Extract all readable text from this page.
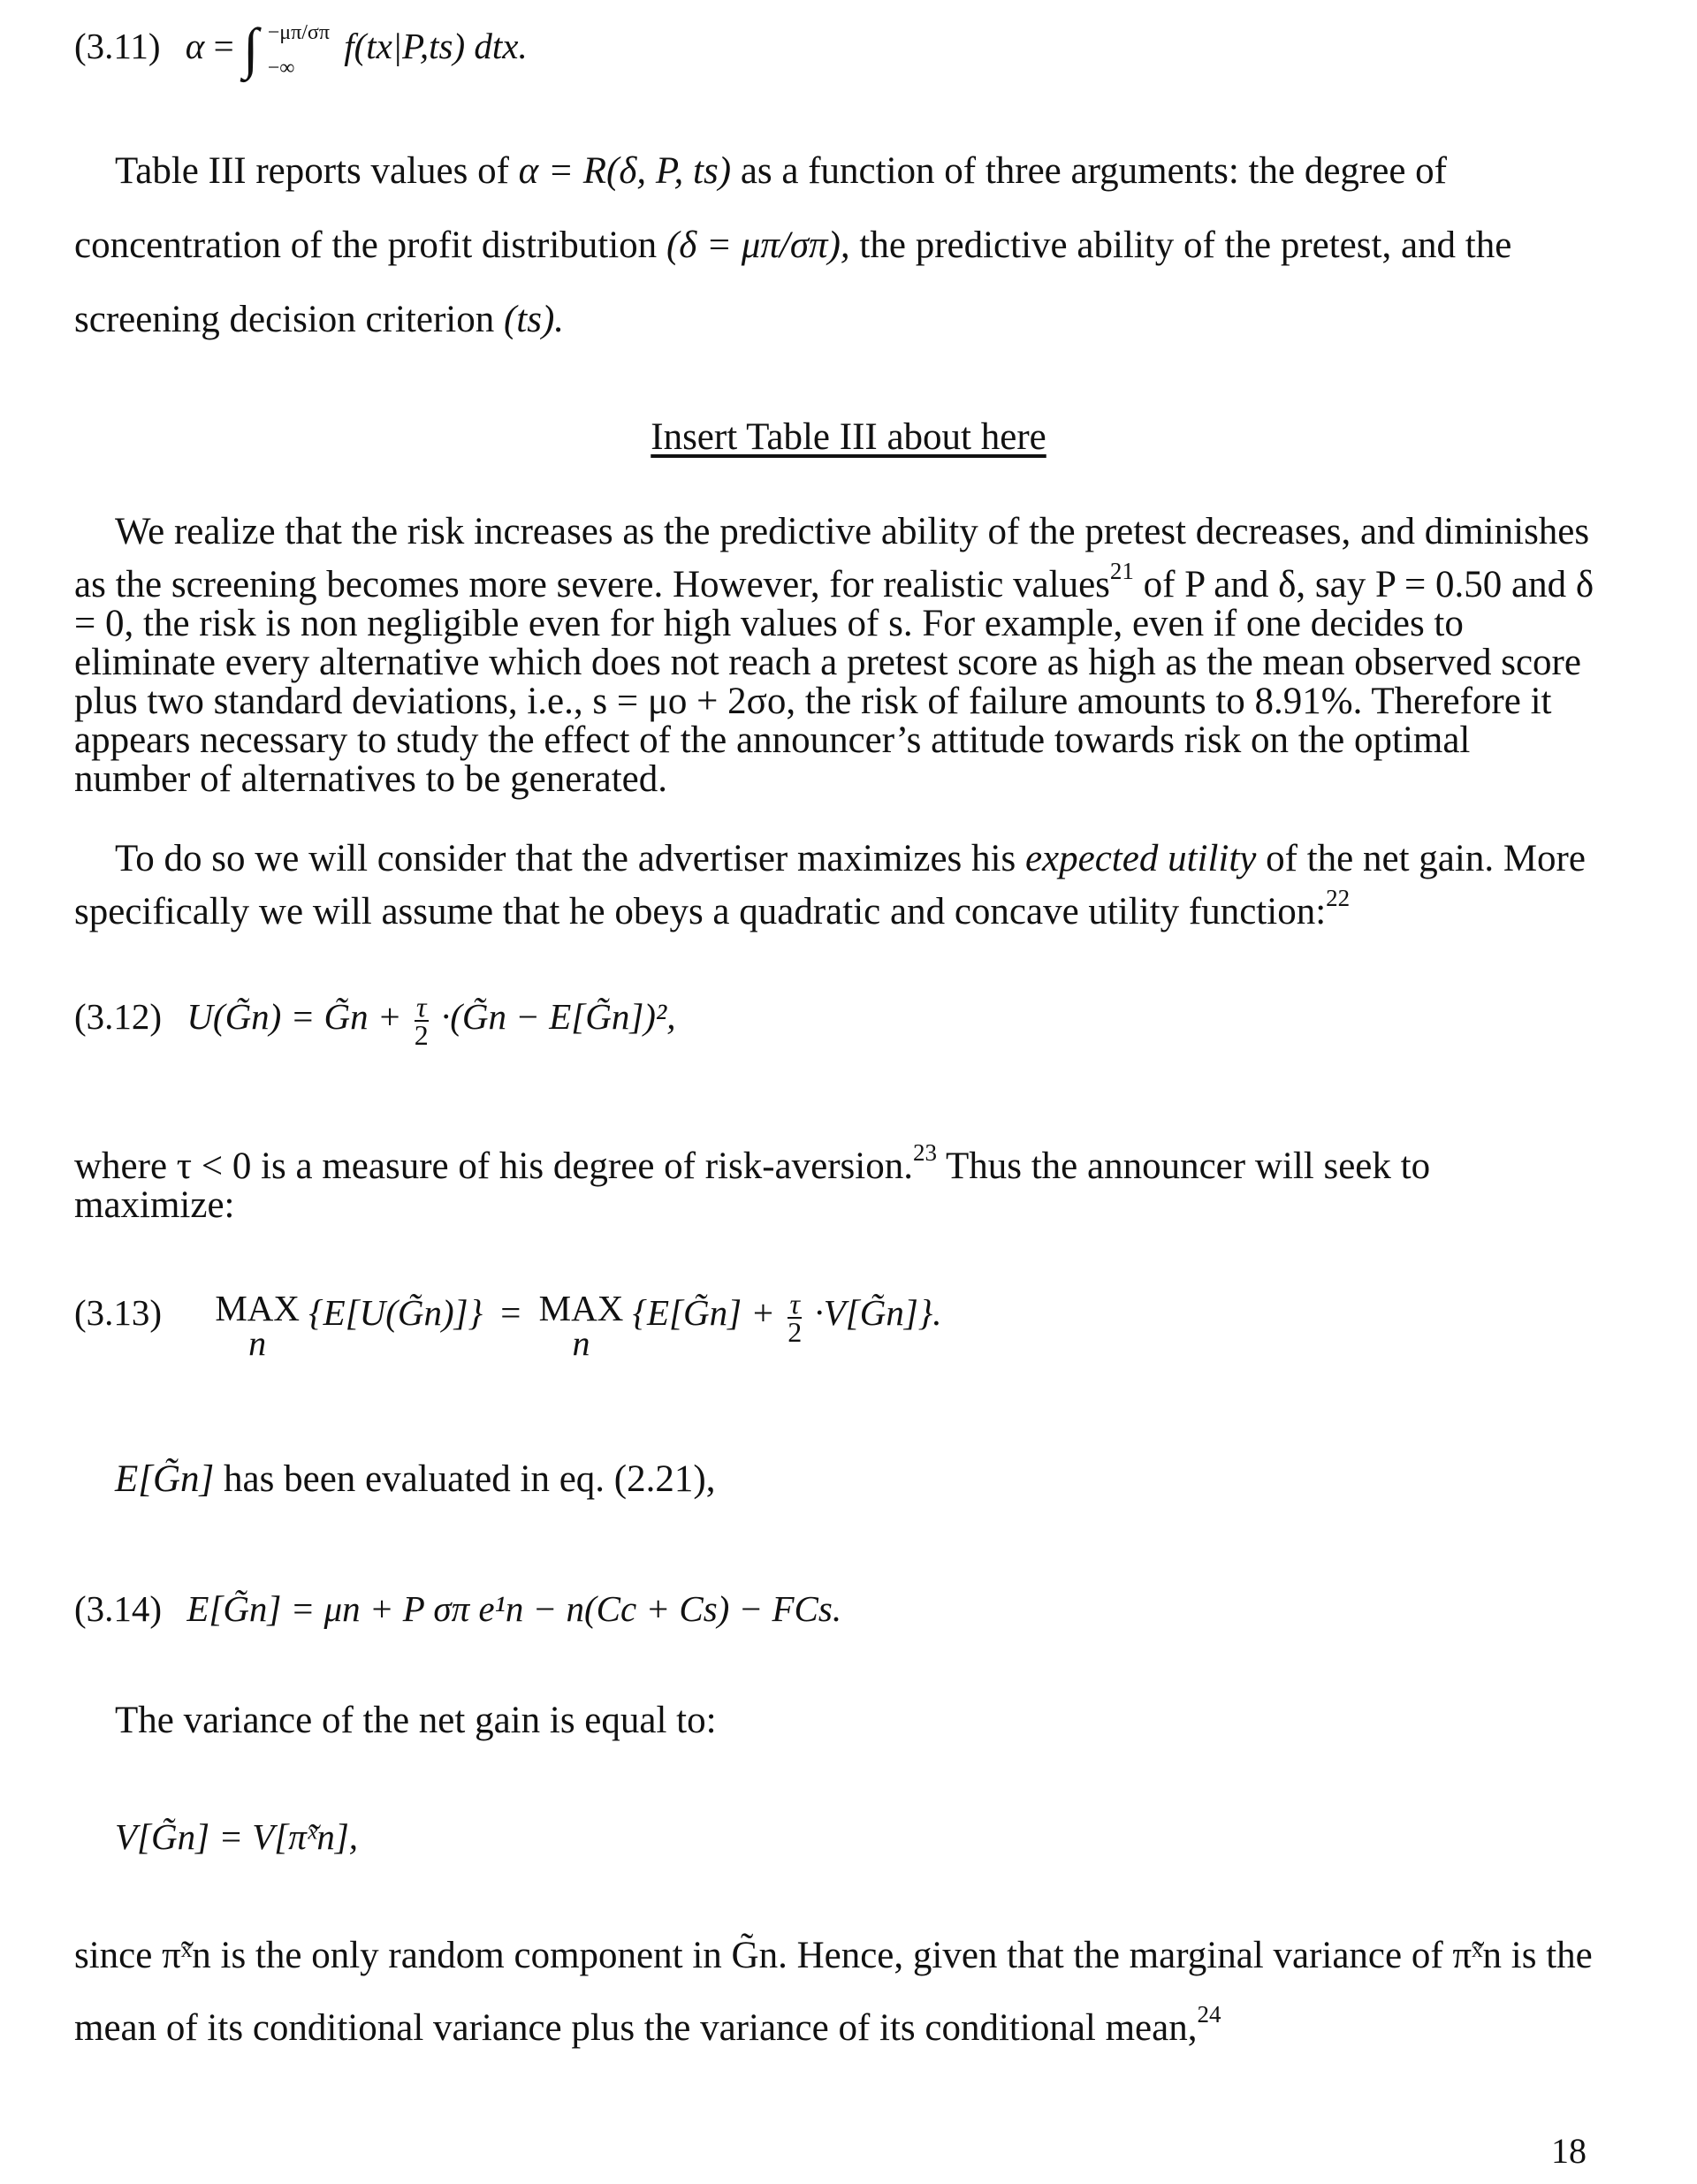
(3.11) α = ∫ −μπ/σπ
−∞
f(tx|P,ts) dtx.
Table III reports values of α = R(δ, P, ts) as a function of three arguments: the degree of concentration of the profit distribution (δ = μπ/σπ), the predictive ability of the pretest, and the screening decision criterion (ts).
Insert Table III about here
We realize that the risk increases as the predictive ability of the pretest decreases, and diminishes as the screening becomes more severe. However, for realistic values$^{21}$ of P and δ, say P = 0.50 and δ = 0, the risk is non negligible even for high values of s. For example, even if one decides to eliminate every alternative which does not reach a pretest score as high as the mean observed score plus two standard deviations, i.e., s = μo + 2σo, the risk of failure amounts to 8.91%. Therefore it appears necessary to study the effect of the announcer’s attitude towards risk on the optimal number of alternatives to be generated.
To do so we will consider that the advertiser maximizes his expected utility of the net gain. More specifically we will assume that he obeys a quadratic and concave utility function:$^{22}$
(3.12) U(G̃n) = G̃n + $\frac{\tau}{2}$ ·(G̃n − E[G̃n])²,
where τ < 0 is a measure of his degree of risk-aversion.$^{23}$ Thus the announcer will seek to maximize:
(3.13) MAX
n
{E[U(G̃n)]} = MAX
n
{E[G̃n] + $\frac{\tau}{2}$ ·V[G̃n]}.
E[G̃n] has been evaluated in eq. (2.21),
(3.14) E[G̃n] = μn + P σπ e¹n − n(Cc + Cs) − FCs.
The variance of the net gain is equal to:
V[G̃n] = V[π̃ˣn],
since π̃ˣn is the only random component in G̃n. Hence, given that the marginal variance of π̃ˣn is the mean of its conditional variance plus the variance of its conditional mean,$^{24}$
18
